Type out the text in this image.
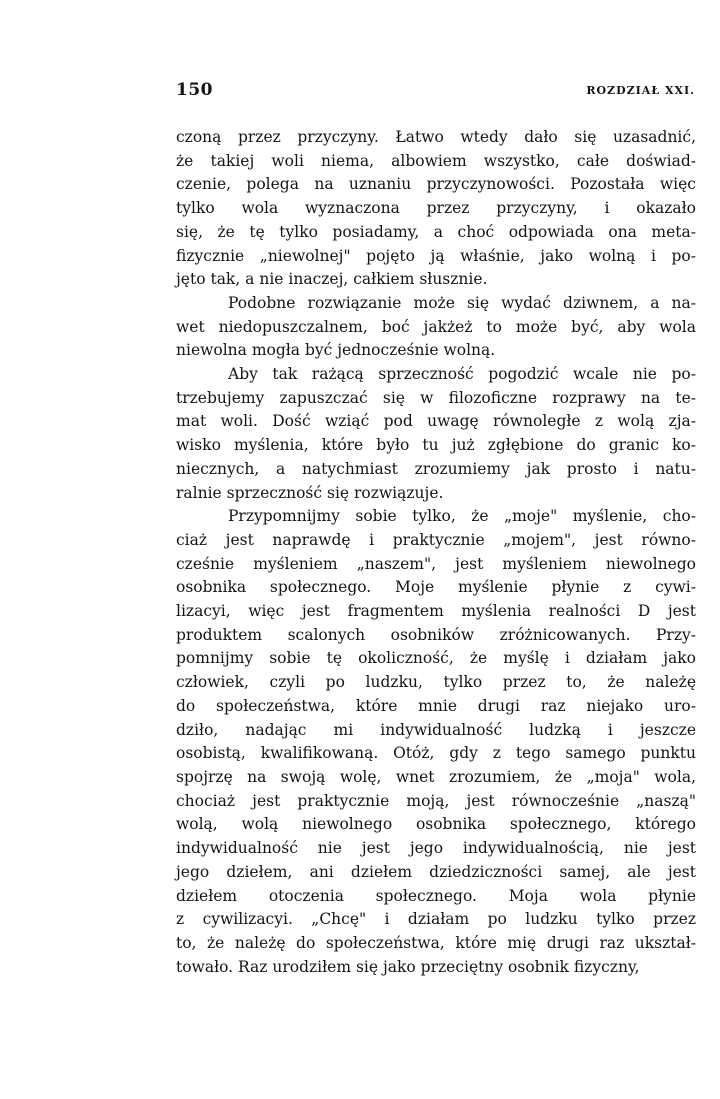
150	ROZDZIAŁ XXI.
czoną przez przyczyny. Łatwo wtedy dało się uzasadnić,
że takiej woli niema, albowiem wszystko, całe doświad-
czenie, polega na uznaniu przyczynowości. Pozostała więc
tylko wola wyznaczona przez przyczyny, i okazało
się, że tę tylko posiadamy, a choć odpowiada ona meta-
fizycznie „niewolnej" pojęto ją właśnie, jako wolną i po-
jęto tak, a nie inaczej, całkiem słusznie.
Podobne rozwiązanie może się wydać dziwnem, a na-
wet niedopuszczalnem, boć jakżeż to może być, aby wola
niewolna mogła być jednocześnie wolną.
Aby tak rażącą sprzeczność pogodzić wcale nie po-
trzebujemy zapuszczać się w filozoficzne rozprawy na te-
mat woli. Dość wziąć pod uwagę równoległe z wolą zja-
wisko myślenia, które było tu już zgłębione do granic ko-
niecznych, a natychmiast zrozumiemy jak prosto i natu-
ralnie sprzeczność się rozwiązuje.
Przypomnijmy sobie tylko, że „moje" myślenie, cho-
ciaż jest naprawdę i praktycznie „mojem", jest równo-
cześnie myśleniem „naszem", jest myśleniem niewolnego
osobnika społecznego. Moje myślenie płynie z cywi-
lizacyi, więc jest fragmentem myślenia realności D jest
produktem scalonych osobników zróżnicowanych. Przy-
pomnijmy sobie tę okoliczność, że myślę i działam jako
człowiek, czyli po ludzku, tylko przez to, że należę
do społeczeństwa, które mnie drugi raz niejako uro-
dziło, nadając mi indywidualność ludzką i jeszcze
osobistą, kwalifikowaną. Otóż, gdy z tego samego punktu
spojrzę na swoją wolę, wnet zrozumiem, że „moja" wola,
chociaż jest praktycznie moją, jest równocześnie „naszą"
wolą, wolą niewolnego osobnika społecznego, którego
indywidualność nie jest jego indywidualnością, nie jest
jego dziełem, ani dziełem dziedziczności samej, ale jest
dziełem otoczenia społecznego. Moja wola płynie
z cywilizacyi. „Chcę" i działam po ludzku tylko przez
to, że należę do społeczeństwa, które mię drugi raz ukształ-
towało. Raz urodziłem się jako przeciętny osobnik fizyczny,
